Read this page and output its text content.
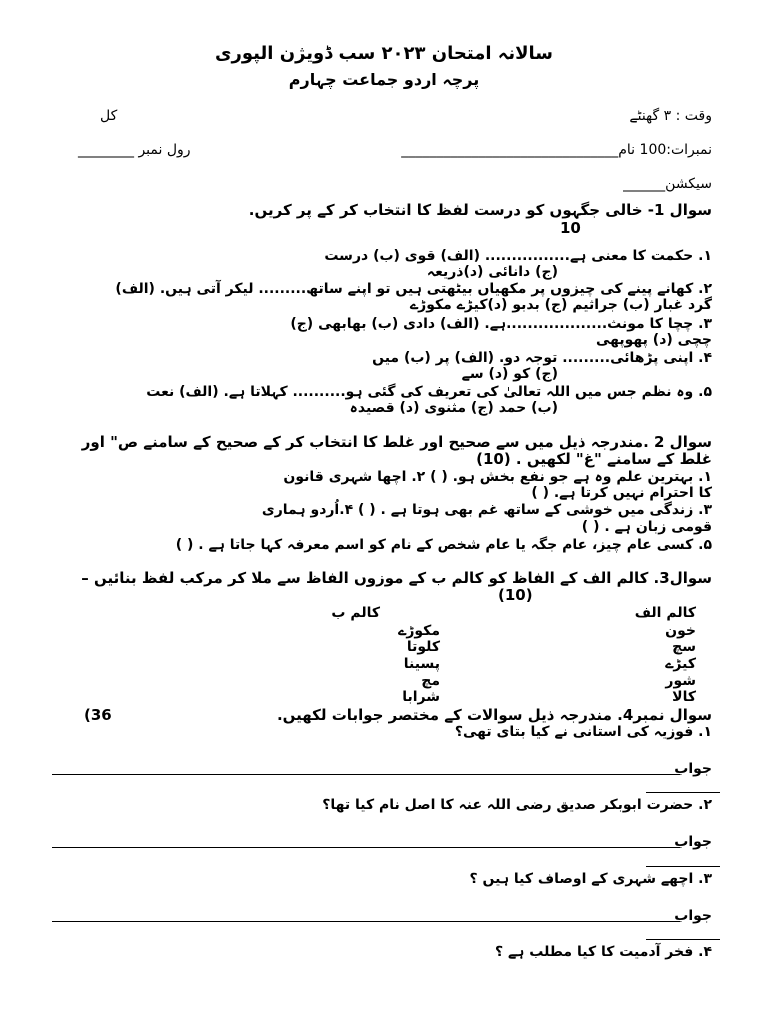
سالانہ امتحان ۲۰۲۳ سب ڈویژن الپوری
پرچہ اردو جماعت چہارم
وقت : ۳ گھنٹے
کل
نمبرات:100 نام_______________________________
رول نمبر ________
سیکشن______
سوال 1- خالی جگہوں کو درست لفظ کا انتخاب کر کے پر کریں.
10
۱. حکمت کا معنی ہے................ (الف) قوی (ب) درست
(ج) دانائی (د)ذریعہ
۲. کھانے پینے کی چیزوں پر مکھیاں بیٹھتی ہیں تو اپنے ساتھ......... لیکر آتی ہیں. (الف)
گرد غبار (ب) جراثیم (ج) بدبو (د)کیڑے مکوڑے
۳. چچا کا مونث...................ہے. (الف) دادی (ب) بھابھی (ج)
چچی (د) پھوپھی
۴. اپنی پڑھائی......... توجہ دو. (الف) پر (ب) میں
(ج) کو (د) سے
۵. وہ نظم جس میں اللہ تعالیٰ کی تعریف کی گئی ہو.......... کہلاتا ہے. (الف) نعت
(ب) حمد (ج) مثنوی (د) قصیدہ
سوال 2 .مندرجہ ذیل میں سے صحیح اور غلط کا انتخاب کر کے صحیح کے سامنے ص" اور
غلط کے سامنے "غ" لکھیں . (10)
۱. بہترین علم وہ ہے جو نفع بخش ہو. ( ) ۲. اچھا شہری قانون
کا احترام نہیں کرتا ہے. ( )
۳. زندگی میں خوشی کے ساتھ غم بھی ہوتا ہے . ( ) ۴.اُردو ہماری
قومی زبان ہے . ( )
۵. کسی عام چیز، عام جگہ یا عام شخص کے نام کو اسم معرفہ کہا جاتا ہے . ( )
سوال3. کالم الف کے الفاظ کو کالم ب کے موزوں الفاظ سے ملا کر مرکب لفظ بنائیں –
(10)
کالم الف
کالم ب
خون
سچ
کیڑے
شور
کالا
مکوڑے
کلوتا
پسینا
مچ
شرابا
سوال نمبر4. مندرجہ ذیل سوالات کے مختصر جوابات لکھیں.
(36
۱. فوزیہ کی استانی نے کیا بتای تھی؟
جواب
۲. حضرت ابوبکر صدیق رضی اللہ عنہ کا اصل نام کیا تھا؟
جواب
۳. اچھے شہری کے اوصاف کیا ہیں ؟
جواب
۴. فخر آدمیت کا کیا مطلب ہے ؟
